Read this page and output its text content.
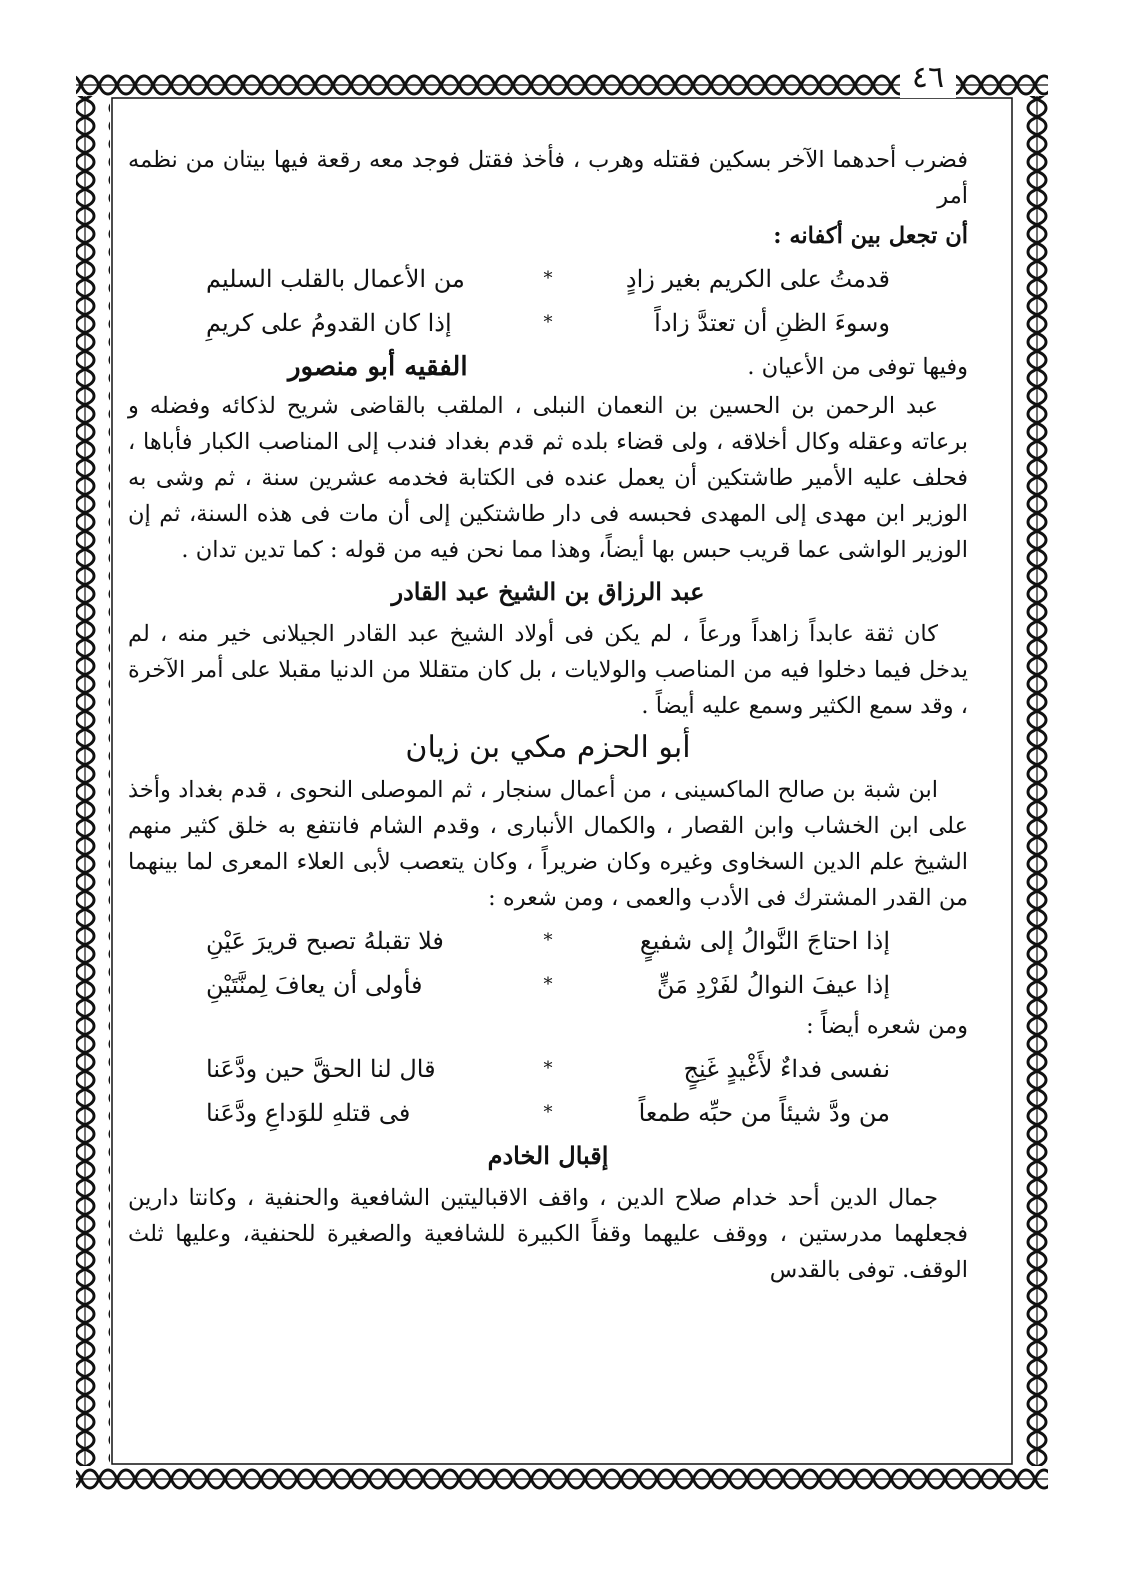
٤٦

فضرب أحدهما الآخر بسكين فقتله وهرب ، فأخذ فقتل فوجد معه رقعة فيها بيتان من نظمه أمر

أن تجعل بين أكفانه :

قدمتُ على الكريم بغير زادٍ
*
من الأعمال بالقلب السليم
وسوءَ الظنِ أن تعتدَّ زاداً
*
إذا كان القدومُ على كريمِ
وفيها توفى من الأعيان .
الفقيه أبو منصور

عبد الرحمن بن الحسين بن النعمان النبلى ، الملقب بالقاضى شريح لذكائه وفضله و برعاته وعقله وكال أخلاقه ، ولى قضاء بلده ثم قدم بغداد فندب إلى المناصب الكبار فأباها ، فحلف عليه الأمير طاشتكين أن يعمل عنده فى الكتابة فخدمه عشرين سنة ، ثم وشى به الوزير ابن مهدى إلى المهدى فحبسه فى دار طاشتكين إلى أن مات فى هذه السنة، ثم إن الوزير الواشى عما قريب حبس بها أيضاً، وهذا مما نحن فيه من قوله : كما تدين تدان .

عبد الرزاق بن الشيخ عبد القادر

كان ثقة عابداً زاهداً ورعاً ، لم يكن فى أولاد الشيخ عبد القادر الجيلانى خير منه ، لم يدخل فيما دخلوا فيه من المناصب والولايات ، بل كان متقللا من الدنيا مقبلا على أمر الآخرة ، وقد سمع الكثير وسمع عليه أيضاً .

أبو الحزم مكي بن زيان

ابن شبة بن صالح الماكسينى ، من أعمال سنجار ، ثم الموصلى النحوى ، قدم بغداد وأخذ على ابن الخشاب وابن القصار ، والكمال الأنبارى ، وقدم الشام فانتفع به خلق كثير منهم الشيخ علم الدين السخاوى وغيره وكان ضريراً ، وكان يتعصب لأبى العلاء المعرى لما بينهما من القدر المشترك فى الأدب والعمى ، ومن شعره :

إذا احتاجَ النَّوالُ إلى شفيعٍ
*
فلا تقبلهُ تصبح قريرَ عَيْنِ
إذا عيفَ النوالُ لفَرْدِ مَنٍّ
*
فأولى أن يعافَ لِمنَّتَيْنِ

ومن شعره أيضاً :

نفسى فداءٌ لأَغْيدٍ غَنِجٍ
*
قال لنا الحقَّ حين ودَّعَنا
من ودَّ شيئاً من حبِّه طمعاً
*
فى قتلهِ للوَداعِ ودَّعَنا
إقبال الخادم

جمال الدين أحد خدام صلاح الدين ، واقف الاقباليتين الشافعية والحنفية ، وكانتا دارين فجعلهما مدرستين ، ووقف عليهما وقفاً الكبيرة للشافعية والصغيرة للحنفية، وعليها ثلث الوقف. توفى بالقدس
